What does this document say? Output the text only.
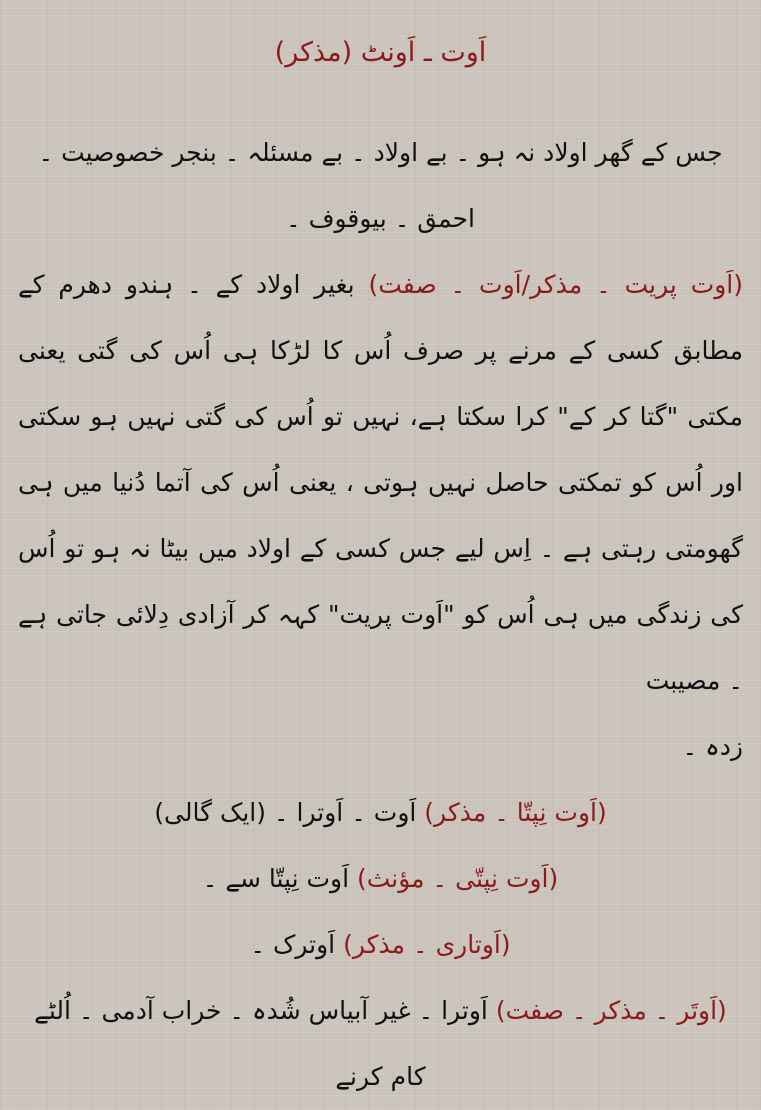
اَوت ـ اَونٹ (مذکر)

جس کے گھر اولاد نہ ہو ۔ بے اولاد ۔ بے مسئلہ ۔ بنجر خصوصیت ۔

احمق ۔ بیوقوف ۔

(اَوت پریت ۔ مذکر/اَوت ۔ صفت) بغیر اولاد کے ۔ ہندو دھرم کے مطابق کسی کے مرنے پر صرف اُس کا لڑکا ہی اُس کی گتی یعنی مکتی "گتا کر کے" کرا سکتا ہے، نہیں تو اُس کی گتی نہیں ہو سکتی اور اُس کو تمکتی حاصل نہیں ہوتی ، یعنی اُس کی آتما دُنیا میں ہی گھومتی رہتی ہے ۔ اِس لیے جس کسی کے اولاد میں بیٹا نہ ہو تو اُس کی زندگی میں ہی اُس کو "اَوت پریت" کہہ کر آزادی دِلائی جاتی ہے ۔ مصیبت
زدہ ۔

(اَوت نِپتّا ۔ مذکر) اَوت ۔ اَوترا ۔ (ایک گالی)

(اَوت نِپتّی ۔ مؤنث) اَوت نِپتّا سے ۔

(اَوتاری ۔ مذکر) اَوترک ۔

(اَوتَر ۔ مذکر ۔ صفت) اَوترا ۔ غیر آبیاس شُدہ ۔ خراب آدمی ۔ اُلٹے کام کرنے
